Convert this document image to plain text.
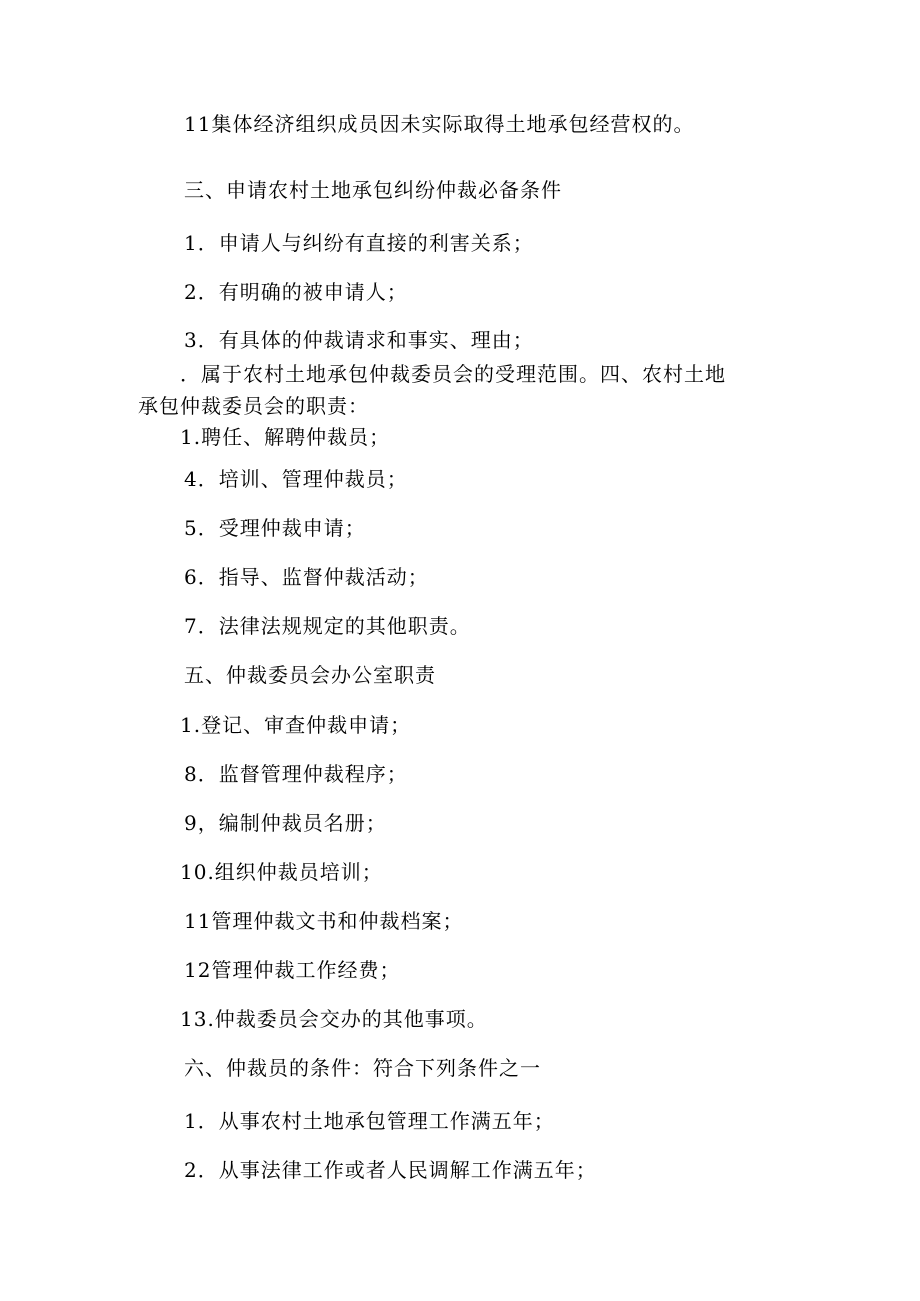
11集体经济组织成员因未实际取得土地承包经营权的。
三、申请农村土地承包纠纷仲裁必备条件
1．申请人与纠纷有直接的利害关系；
2．有明确的被申请人；
3．有具体的仲裁请求和事实、理由；
．属于农村土地承包仲裁委员会的受理范围。四、农村土地
承包仲裁委员会的职责：
1.聘任、解聘仲裁员；
4．培训、管理仲裁员；
5．受理仲裁申请；
6．指导、监督仲裁活动；
7．法律法规规定的其他职责。
五、仲裁委员会办公室职责
1.登记、审查仲裁申请；
8．监督管理仲裁程序；
9，编制仲裁员名册；
10.组织仲裁员培训；
11管理仲裁文书和仲裁档案；
12管理仲裁工作经费；
13.仲裁委员会交办的其他事项。
六、仲裁员的条件：符合下列条件之一
1．从事农村土地承包管理工作满五年；
2．从事法律工作或者人民调解工作满五年；
